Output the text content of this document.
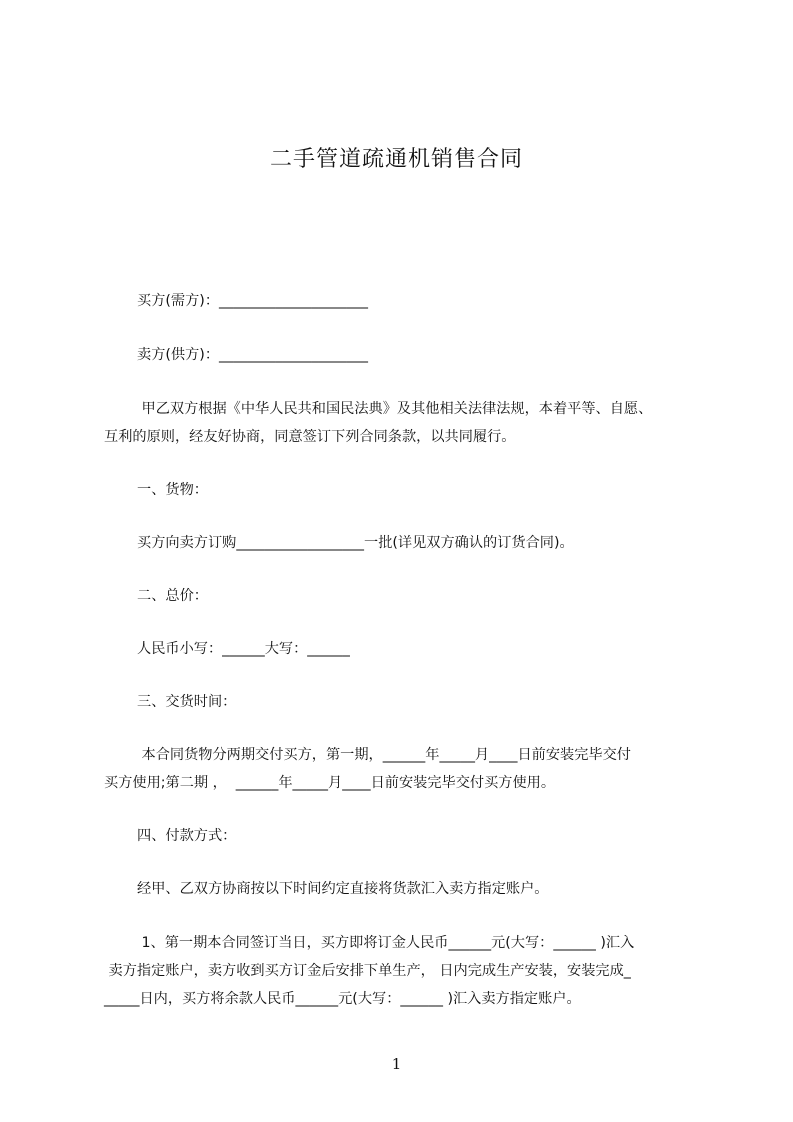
二手管道疏通机销售合同
买方(需方)：_____________________
卖方(供方)：_____________________
甲乙双方根据《中华人民共和国民法典》及其他相关法律法规，本着平等、自愿、
互利的原则，经友好协商，同意签订下列合同条款，以共同履行。
一、货物：
买方向卖方订购__________________一批(详见双方确认的订货合同)。
二、总价：
人民币小写：______大写：______
三、交货时间：
本合同货物分两期交付买方，第一期，______年_____月____日前安装完毕交付
买方使用;第二期 ，  ______年_____月____日前安装完毕交付买方使用。
四、付款方式：
经甲、乙双方协商按以下时间约定直接将货款汇入卖方指定账户。
1、第一期本合同签订当日，买方即将订金人民币______元(大写：______ )汇入
卖方指定账户，卖方收到买方订金后安排下单生产， 日内完成生产安装，安装完成_
_____日内，买方将余款人民币______元(大写：______ )汇入卖方指定账户。
1
